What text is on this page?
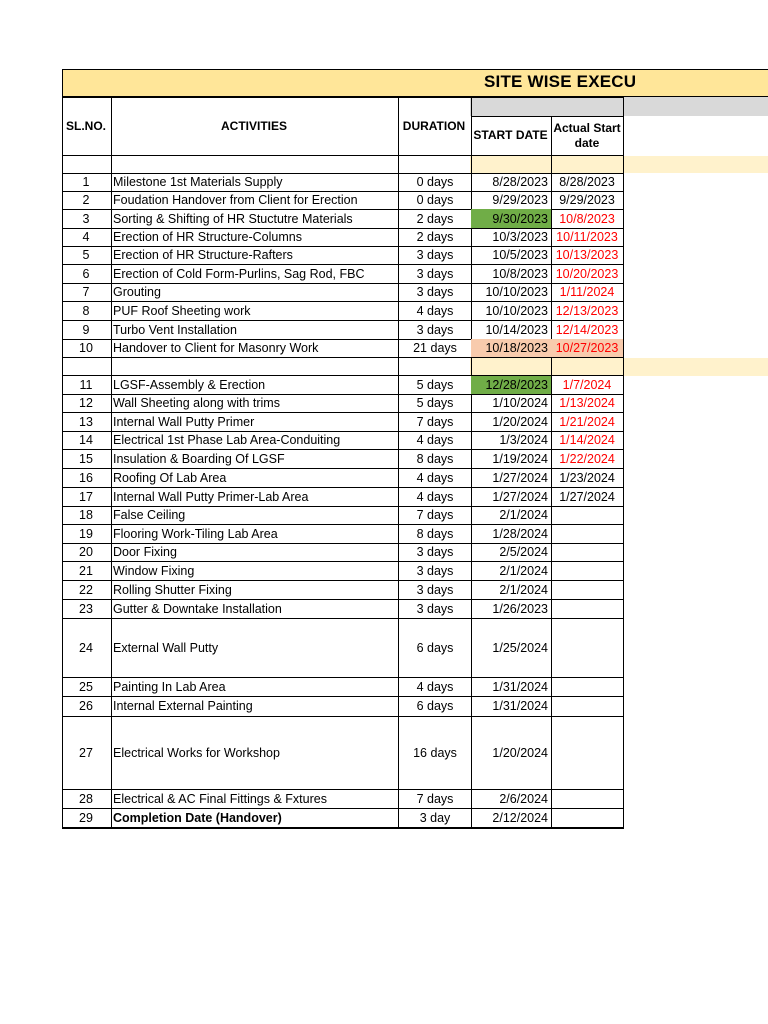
SITE WISE EXECU
SL.NO.	ACTIVITIES	DURATION
START DATE Actual Start
date
1	Milestone 1st Materials Supply	0 days	8/28/2023 8/28/2023
2	Foudation Handover from Client for Erection	0 days	9/29/2023 9/29/2023
3	Sorting & Shifting of HR Stuctutre Materials	2 days	9/30/2023 10/8/2023
4	Erection of HR Structure-Columns	2 days	10/3/2023 10/11/2023
5	Erection of HR Structure-Rafters	3 days	10/5/2023 10/13/2023
6	Erection of Cold Form-Purlins, Sag Rod, FBC	3 days	10/8/2023 10/20/2023
7	Grouting	3 days	10/10/2023 1/11/2024
8	PUF Roof Sheeting work	4 days	10/10/2023 12/13/2023
9	Turbo Vent Installation	3 days	10/14/2023 12/14/2023
10	Handover to Client for Masonry Work	21 days	10/18/2023 10/27/2023
11	LGSF-Assembly & Erection	5 days	12/28/2023	1/7/2024
12	Wall Sheeting along with trims	5 days	1/10/2024 1/13/2024
13	Internal Wall Putty Primer	7 days	1/20/2024 1/21/2024
14	Electrical 1st Phase Lab Area-Conduiting	4 days	1/3/2024 1/14/2024
15	Insulation & Boarding Of LGSF	8 days	1/19/2024 1/22/2024
16	Roofing Of Lab Area	4 days	1/27/2024 1/23/2024
17	Internal Wall Putty Primer-Lab Area	4 days	1/27/2024 1/27/2024
18	False Ceiling	7 days	2/1/2024
19	Flooring Work-Tiling Lab Area	8 days	1/28/2024
20	Door Fixing	3 days	2/5/2024
21	Window Fixing	3 days	2/1/2024
22	Rolling Shutter Fixing	3 days	2/1/2024
23	Gutter & Downtake Installation	3 days	1/26/2023
24	External Wall Putty	6 days	1/25/2024
25	Painting In Lab Area	4 days	1/31/2024
26	Internal External Painting	6 days	1/31/2024
27	Electrical Works for Workshop	16 days	1/20/2024
28	Electrical & AC Final Fittings & Fxtures	7 days	2/6/2024
29	Completion Date (Handover)	3 day	2/12/2024
